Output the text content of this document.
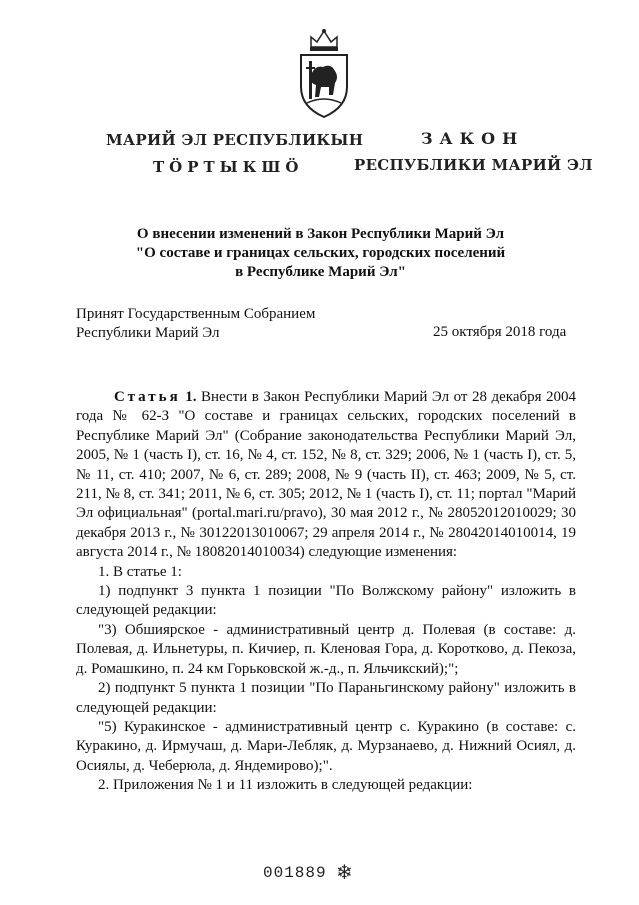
МАРИЙ ЭЛ РЕСПУБЛИКЫН
ТӦРТЫКШӦ
ЗАКОН
РЕСПУБЛИКИ МАРИЙ ЭЛ
О внесении изменений в Закон Республики Марий Эл
"О составе и границах сельских, городских поселений
в Республике Марий Эл"
Принят Государственным Собранием
Республики Марий Эл	25 октября 2018 года

Статья 1. Внести в Закон Республики Марий Эл от 28 декабря 2004 года № 62-З "О составе и границах сельских, городских поселений в Республике Марий Эл" (Собрание законодательства Республики Марий Эл, 2005, № 1 (часть I), ст. 16, № 4, ст. 152, № 8, ст. 329; 2006, № 1 (часть I), ст. 5, № 11, ст. 410; 2007, № 6, ст. 289; 2008, № 9 (часть II), ст. 463; 2009, № 5, ст. 211, № 8, ст. 341; 2011, № 6, ст. 305; 2012, № 1 (часть I), ст. 11; портал "Марий Эл официальная" (portal.mari.ru/pravo), 30 мая 2012 г., № 28052012010029; 30 декабря 2013 г., № 30122013010067; 29 апреля 2014 г., № 28042014010014, 19 августа 2014 г., № 18082014010034) следующие изменения:

1. В статье 1:

1) подпункт 3 пункта 1 позиции "По Волжскому району" изложить в следующей редакции:

"3) Обшиярское - административный центр д. Полевая (в составе: д. Полевая, д. Ильнетуры, п. Кичиер, п. Кленовая Гора, д. Коротково, д. Пекоза, д. Ромашкино, п. 24 км Горьковской ж.-д., п. Яльчикский);";

2) подпункт 5 пункта 1 позиции "По Параньгинскому району" изложить в следующей редакции:

"5) Куракинское - административный центр с. Куракино (в составе: с. Куракино, д. Ирмучаш, д. Мари-Лебляк, д. Мурзанаево, д. Нижний Осиял, д. Осиялы, д. Чеберюла, д. Яндемирово);".

2. Приложения № 1 и 11 изложить в следующей редакции:

001889 ❄
